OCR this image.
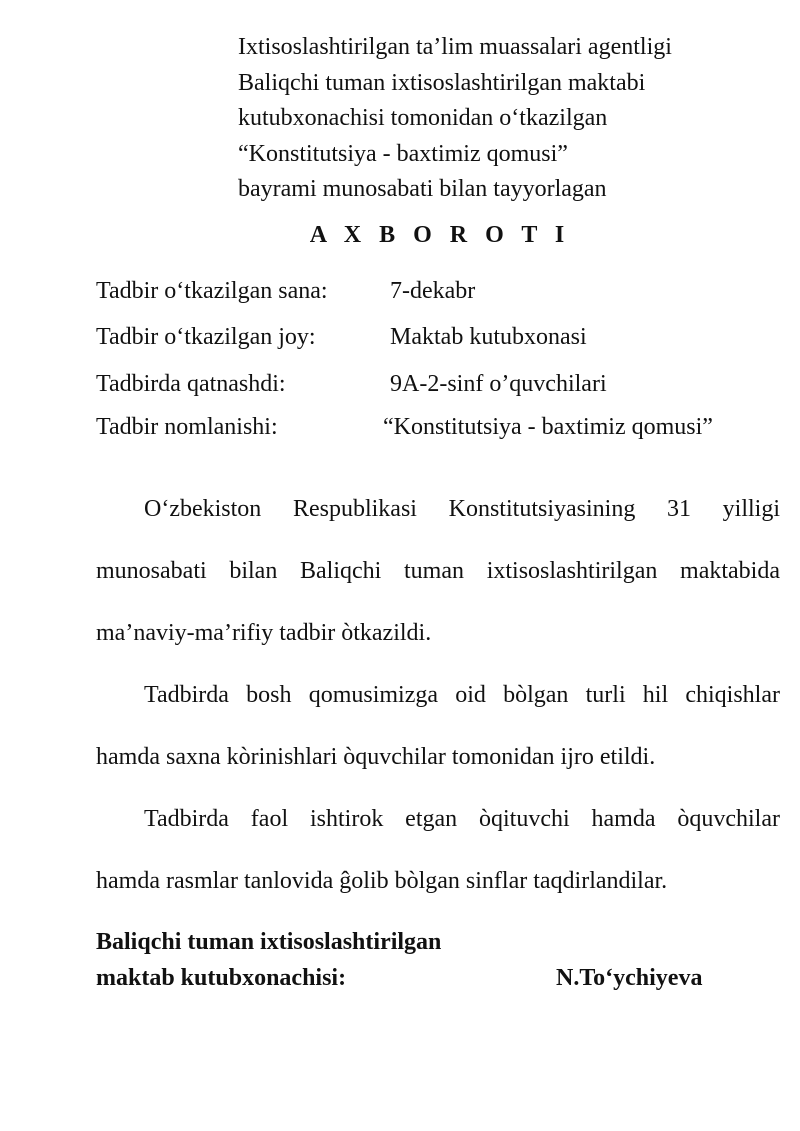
Ixtisoslashtirilgan ta’lim muassalari agentligi
Baliqchi tuman ixtisoslashtirilgan maktabi
kutubxonachisi tomonidan o‘tkazilgan
“Konstitutsiya - baxtimiz qomusi”
bayrami munosabati bilan tayyorlagan
A X B O R O T I
Tadbir o‘tkazilgan sana:	7-dekabr
Tadbir o‘tkazilgan joy:	Maktab kutubxonasi
Tadbirda qatnashdi:	9A-2-sinf o’quvchilari
Tadbir nomlanishi:	“Konstitutsiya - baxtimiz qomusi”
O‘zbekiston Respublikasi Konstitutsiyasining 31 yilligi
munosabati bilan Baliqchi tuman ixtisoslashtirilgan maktabida
ma’naviy-ma’rifiy tadbir òtkazildi.
Tadbirda bosh qomusimizga oid bòlgan turli hil chiqishlar
hamda saxna kòrinishlari òquvchilar tomonidan ijro etildi.
Tadbirda faol ishtirok etgan òqituvchi hamda òquvchilar
hamda rasmlar tanlovida ĝolib bòlgan sinflar taqdirlandilar.
Baliqchi tuman ixtisoslashtirilgan
maktab kutubxonachisi:	N.To‘ychiyeva
